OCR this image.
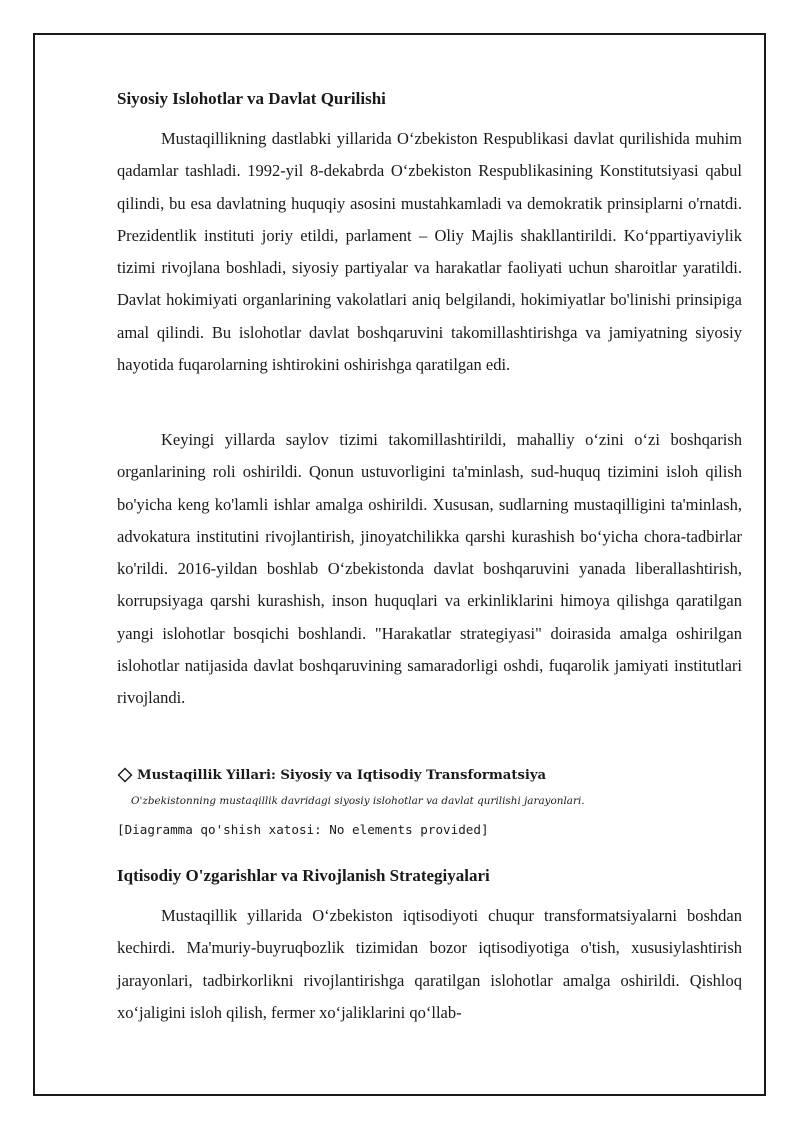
Siyosiy Islohotlar va Davlat Qurilishi

Mustaqillikning dastlabki yillarida O‘zbekiston Respublikasi davlat qurilishida muhim qadamlar tashladi. 1992-yil 8-dekabrda O‘zbekiston Respublikasining Konstitutsiyasi qabul qilindi, bu esa davlatning huquqiy asosini mustahkamladi va demokratik prinsiplarni o'rnatdi. Prezidentlik instituti joriy etildi, parlament – Oliy Majlis shakllantirildi. Ko‘ppartiyaviylik tizimi rivojlana boshladi, siyosiy partiyalar va harakatlar faoliyati uchun sharoitlar yaratildi. Davlat hokimiyati organlarining vakolatlari aniq belgilandi, hokimiyatlar bo'linishi prinsipiga amal qilindi. Bu islohotlar davlat boshqaruvini takomillashtirishga va jamiyatning siyosiy hayotida fuqarolarning ishtirokini oshirishga qaratilgan edi.

Keyingi yillarda saylov tizimi takomillashtirildi, mahalliy o‘zini o‘zi boshqarish organlarining roli oshirildi. Qonun ustuvorligini ta'minlash, sud-huquq tizimini isloh qilish bo'yicha keng ko'lamli ishlar amalga oshirildi. Xususan, sudlarning mustaqilligini ta'minlash, advokatura institutini rivojlantirish, jinoyatchilikka qarshi kurashish bo‘yicha chora-tadbirlar ko'rildi. 2016-yildan boshlab O‘zbekistonda davlat boshqaruvini yanada liberallashtirish, korrupsiyaga qarshi kurashish, inson huquqlari va erkinliklarini himoya qilishga qaratilgan yangi islohotlar bosqichi boshlandi. "Harakatlar strategiyasi" doirasida amalga oshirilgan islohotlar natijasida davlat boshqaruvining samaradorligi oshdi, fuqarolik jamiyati institutlari rivojlandi.

Mustaqillik Yillari: Siyosiy va Iqtisodiy Transformatsiya
O'zbekistonning mustaqillik davridagi siyosiy islohotlar va davlat qurilishi jarayonlari.
[Diagramma qo'shish xatosi: No elements provided]
Iqtisodiy O'zgarishlar va Rivojlanish Strategiyalari

Mustaqillik yillarida O‘zbekiston iqtisodiyoti chuqur transformatsiyalarni boshdan kechirdi. Ma'muriy-buyruqbozlik tizimidan bozor iqtisodiyotiga o'tish, xususiylashtirish jarayonlari, tadbirkorlikni rivojlantirishga qaratilgan islohotlar amalga oshirildi. Qishloq xo‘jaligini isloh qilish, fermer xo‘jaliklarini qo‘llab-
